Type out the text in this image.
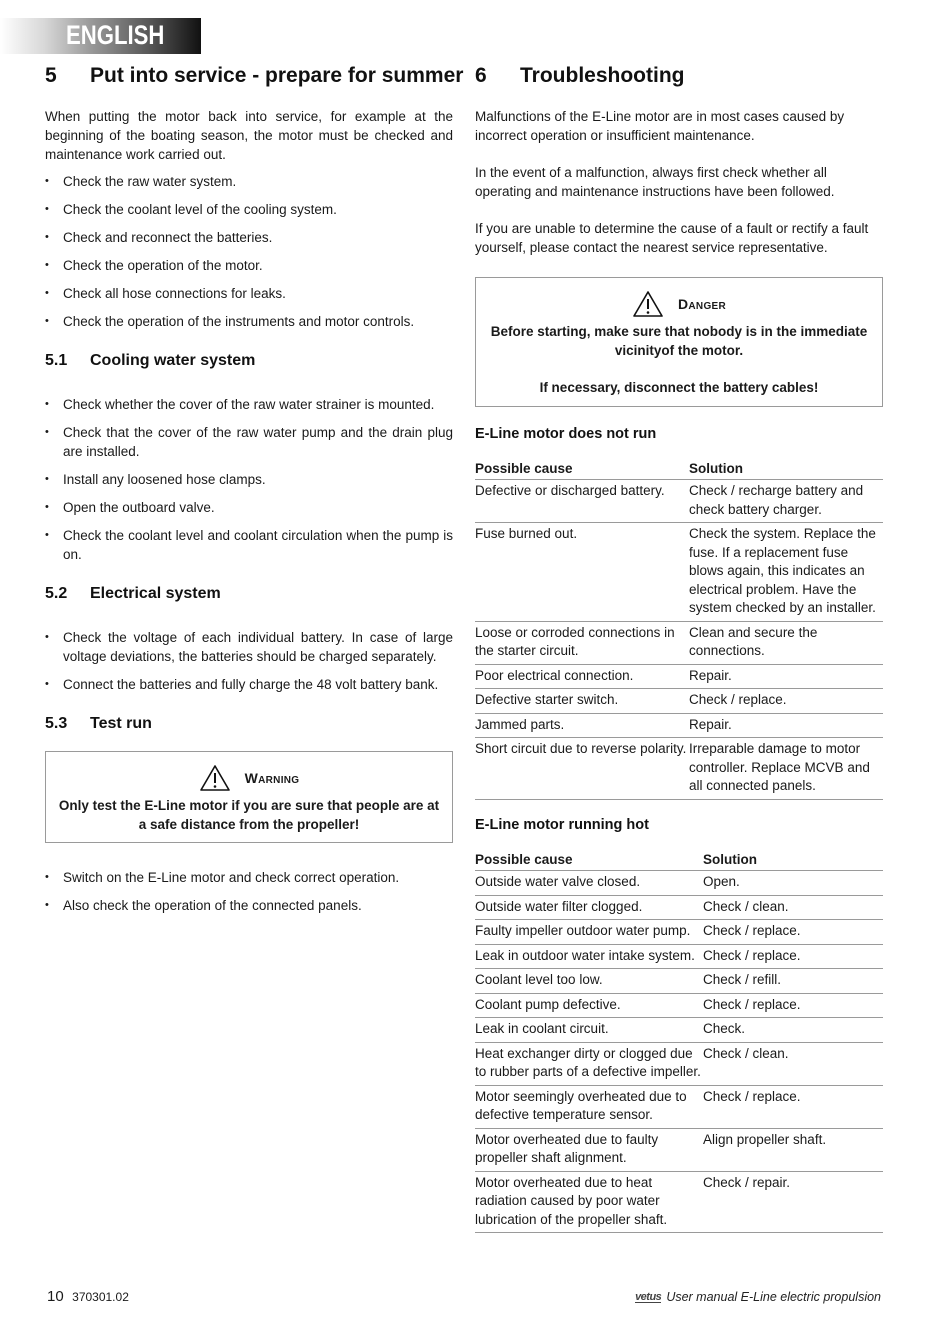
ENGLISH
5 Put into service - prepare for summer

When putting the motor back into service, for example at the beginning of the boating season, the motor must be checked and maintenance work carried out.

• Check the raw water system.
• Check the coolant level of the cooling system.
• Check and reconnect the batteries.
• Check the operation of the motor.
• Check all hose connections for leaks.
• Check the operation of the instruments and motor controls.
5.1 Cooling water system
• Check whether the cover of the raw water strainer is mounted.
• Check that the cover of the raw water pump and the drain plug are installed.
• Install any loosened hose clamps.
• Open the outboard valve.
• Check the coolant level and coolant circulation when the pump is on.
5.2 Electrical system
• Check the voltage of each individual battery. In case of large voltage deviations, the batteries should be charged separately.
• Connect the batteries and fully charge the 48 volt battery bank.
5.3 Test run
Warning
Only test the E-Line motor if you are sure that people are at a safe distance from the propeller!
• Switch on the E-Line motor and check correct operation.
• Also check the operation of the connected panels.
6 Troubleshooting

Malfunctions of the E-Line motor are in most cases caused by incorrect operation or insufficient maintenance.

In the event of a malfunction, always first check whether all operating and maintenance instructions have been followed.

If you are unable to determine the cause of a fault or rectify a fault yourself, please contact the nearest service representative.

Danger
Before starting, make sure that nobody is in the immediate vicinityof the motor.
If necessary, disconnect the battery cables!
E-Line motor does not run
Possible cause	Solution
Defective or discharged battery.	Check / recharge battery and check battery charger.
Fuse burned out.	Check the system. Replace the fuse. If a replacement fuse blows again, this indicates an electrical problem. Have the system checked by an installer.
Loose or corroded connections in the starter circuit.	Clean and secure the connections.
Poor electrical connection.	Repair.
Defective starter switch.	Check / replace.
Jammed parts.	Repair.
Short circuit due to reverse polarity.	Irreparable damage to motor controller. Replace MCVB and all connected panels.
E-Line motor running hot
Possible cause	Solution
Outside water valve closed.	Open.
Outside water filter clogged.	Check / clean.
Faulty impeller outdoor water pump.	Check / replace.
Leak in outdoor water intake system.	Check / replace.
Coolant level too low.	Check / refill.
Coolant pump defective.	Check / replace.
Leak in coolant circuit.	Check.
Heat exchanger dirty or clogged due to rubber parts of a defective impeller.	Check / clean.
Motor seemingly overheated due to defective temperature sensor.	Check / replace.
Motor overheated due to faulty propeller shaft alignment.	Align propeller shaft.
Motor overheated due to heat radiation caused by poor water lubrication of the propeller shaft.	Check / repair.
10 370301.02	vetus User manual E-Line electric propulsion
